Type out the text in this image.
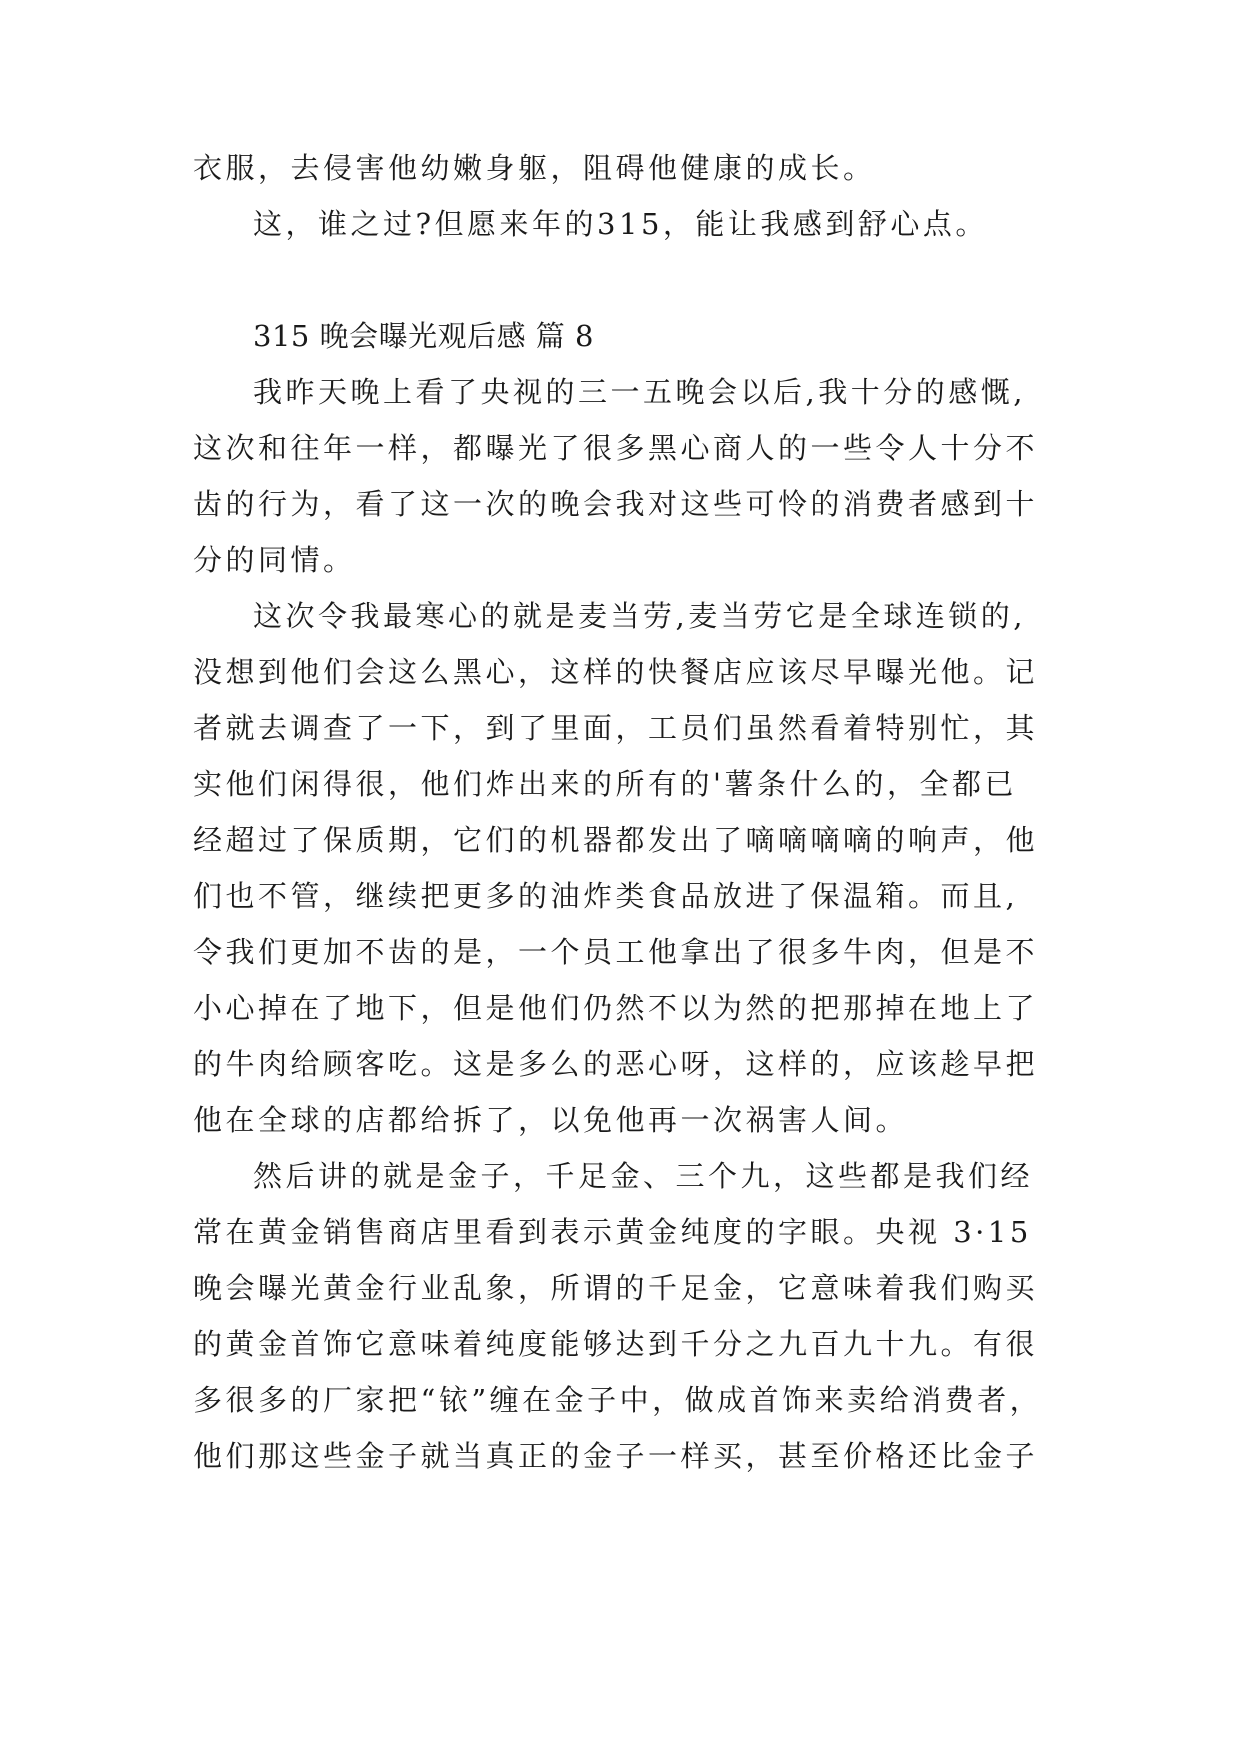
衣服，去侵害他幼嫩身躯，阻碍他健康的成长。
这，谁之过?但愿来年的315，能让我感到舒心点。
315 晚会曝光观后感 篇 8
我昨天晚上看了央视的三一五晚会以后,我十分的感慨,
这次和往年一样，都曝光了很多黑心商人的一些令人十分不
齿的行为，看了这一次的晚会我对这些可怜的消费者感到十
分的同情。
这次令我最寒心的就是麦当劳,麦当劳它是全球连锁的,
没想到他们会这么黑心，这样的快餐店应该尽早曝光他。记
者就去调查了一下，到了里面，工员们虽然看着特别忙，其
实他们闲得很，他们炸出来的所有的'薯条什么的，全都已
经超过了保质期，它们的机器都发出了嘀嘀嘀嘀的响声，他
们也不管，继续把更多的油炸类食品放进了保温箱。而且,
令我们更加不齿的是，一个员工他拿出了很多牛肉，但是不
小心掉在了地下，但是他们仍然不以为然的把那掉在地上了
的牛肉给顾客吃。这是多么的恶心呀，这样的，应该趁早把
他在全球的店都给拆了，以免他再一次祸害人间。
然后讲的就是金子，千足金、三个九，这些都是我们经
常在黄金销售商店里看到表示黄金纯度的字眼。央视 3·15
晚会曝光黄金行业乱象，所谓的千足金，它意味着我们购买
的黄金首饰它意味着纯度能够达到千分之九百九十九。有很
多很多的厂家把“铱”缠在金子中，做成首饰来卖给消费者，
他们那这些金子就当真正的金子一样买，甚至价格还比金子
